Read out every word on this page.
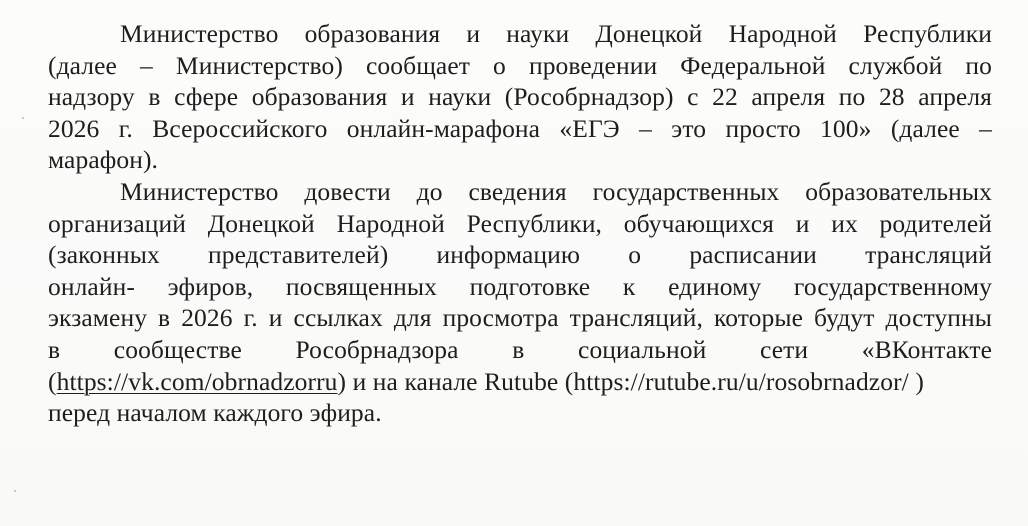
Министерство образования и науки Донецкой Народной Республики
(далее – Министерство) сообщает о проведении Федеральной службой по
надзору в сфере образования и науки (Рособрнадзор) с 22 апреля по 28 апреля
2026 г. Всероссийского онлайн-марафона «ЕГЭ – это просто 100» (далее –
марафон).
Министерство довести до сведения государственных образовательных
организаций Донецкой Народной Республики, обучающихся и их родителей
(законных представителей) информацию о расписании трансляций
онлайн- эфиров, посвященных подготовке к единому государственному
экзамену в 2026 г. и ссылках для просмотра трансляций, которые будут доступны
в сообществе Рособрнадзора в социальной сети «ВКонтакте
(https://vk.com/obrnadzorru) и на канале Rutube (https://rutube.ru/u/rosobrnadzor/ )
перед началом каждого эфира.
